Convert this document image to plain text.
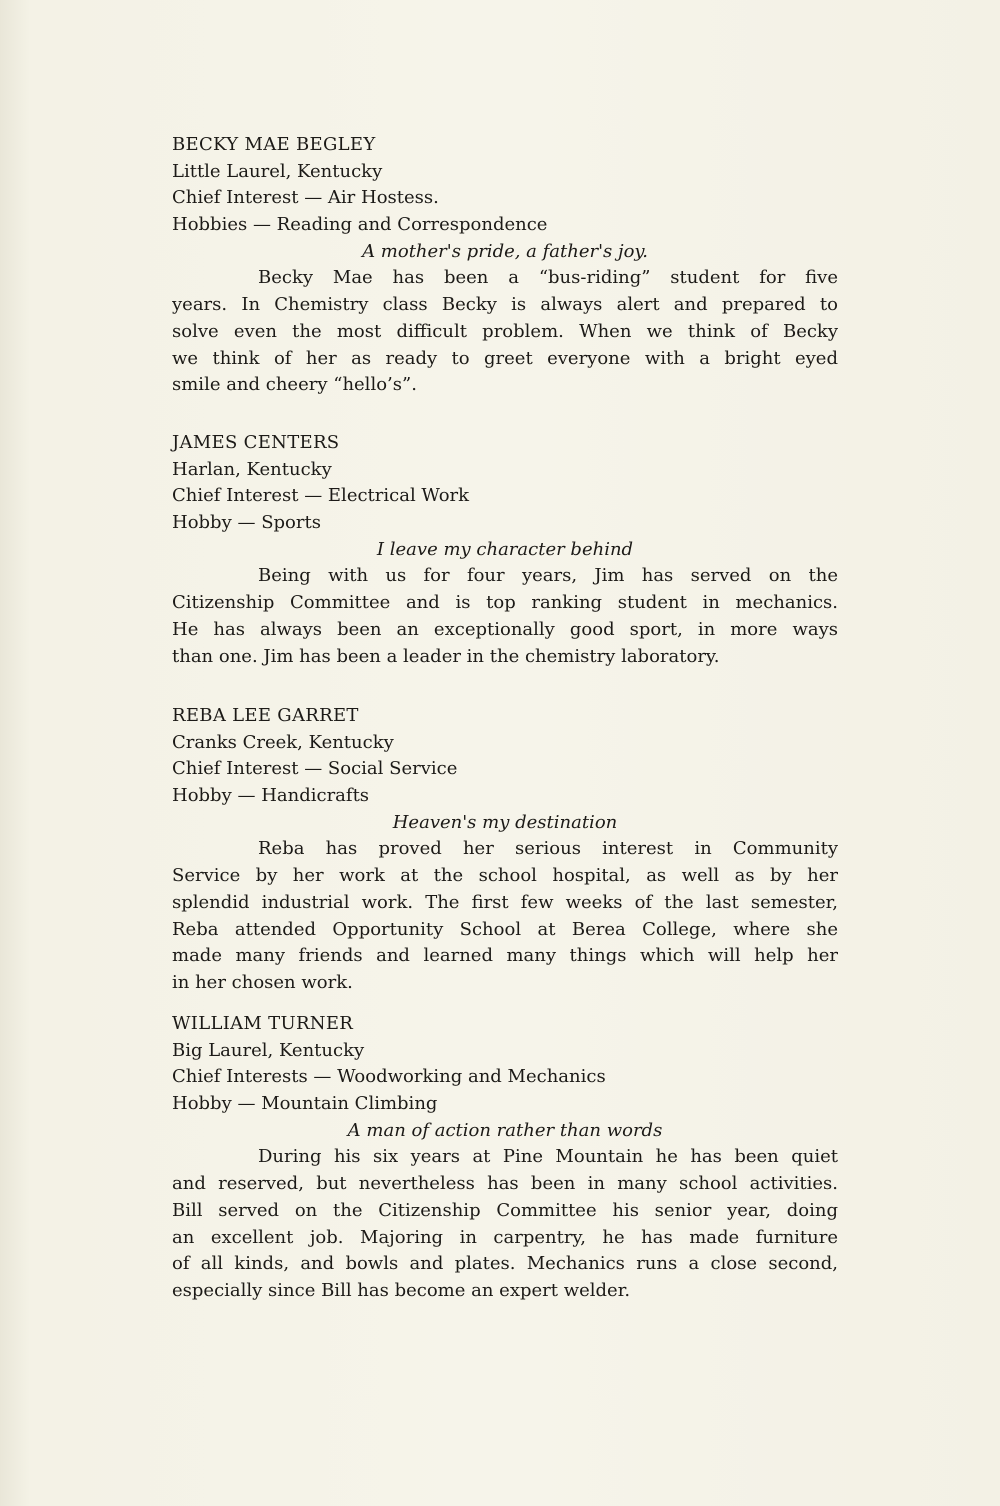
BECKY MAE BEGLEY
Little Laurel, Kentucky
Chief Interest — Air Hostess.
Hobbies — Reading and Correspondence
A mother's pride, a father's joy.
Becky Mae has been a “bus-riding” student for five
years. In Chemistry class Becky is always alert and prepared to
solve even the most difficult problem. When we think of Becky
we think of her as ready to greet everyone with a bright eyed
smile and cheery “hello’s”.
JAMES CENTERS
Harlan, Kentucky
Chief Interest — Electrical Work
Hobby — Sports
I leave my character behind
Being with us for four years, Jim has served on the
Citizenship Committee and is top ranking student in mechanics.
He has always been an exceptionally good sport, in more ways
than one. Jim has been a leader in the chemistry laboratory.
REBA LEE GARRET
Cranks Creek, Kentucky
Chief Interest — Social Service
Hobby — Handicrafts
Heaven's my destination
Reba has proved her serious interest in Community
Service by her work at the school hospital, as well as by her
splendid industrial work. The first few weeks of the last semester,
Reba attended Opportunity School at Berea College, where she
made many friends and learned many things which will help her
in her chosen work.
WILLIAM TURNER
Big Laurel, Kentucky
Chief Interests — Woodworking and Mechanics
Hobby — Mountain Climbing
A man of action rather than words
During his six years at Pine Mountain he has been quiet
and reserved, but nevertheless has been in many school activities.
Bill served on the Citizenship Committee his senior year, doing
an excellent job. Majoring in carpentry, he has made furniture
of all kinds, and bowls and plates. Mechanics runs a close second,
especially since Bill has become an expert welder.
